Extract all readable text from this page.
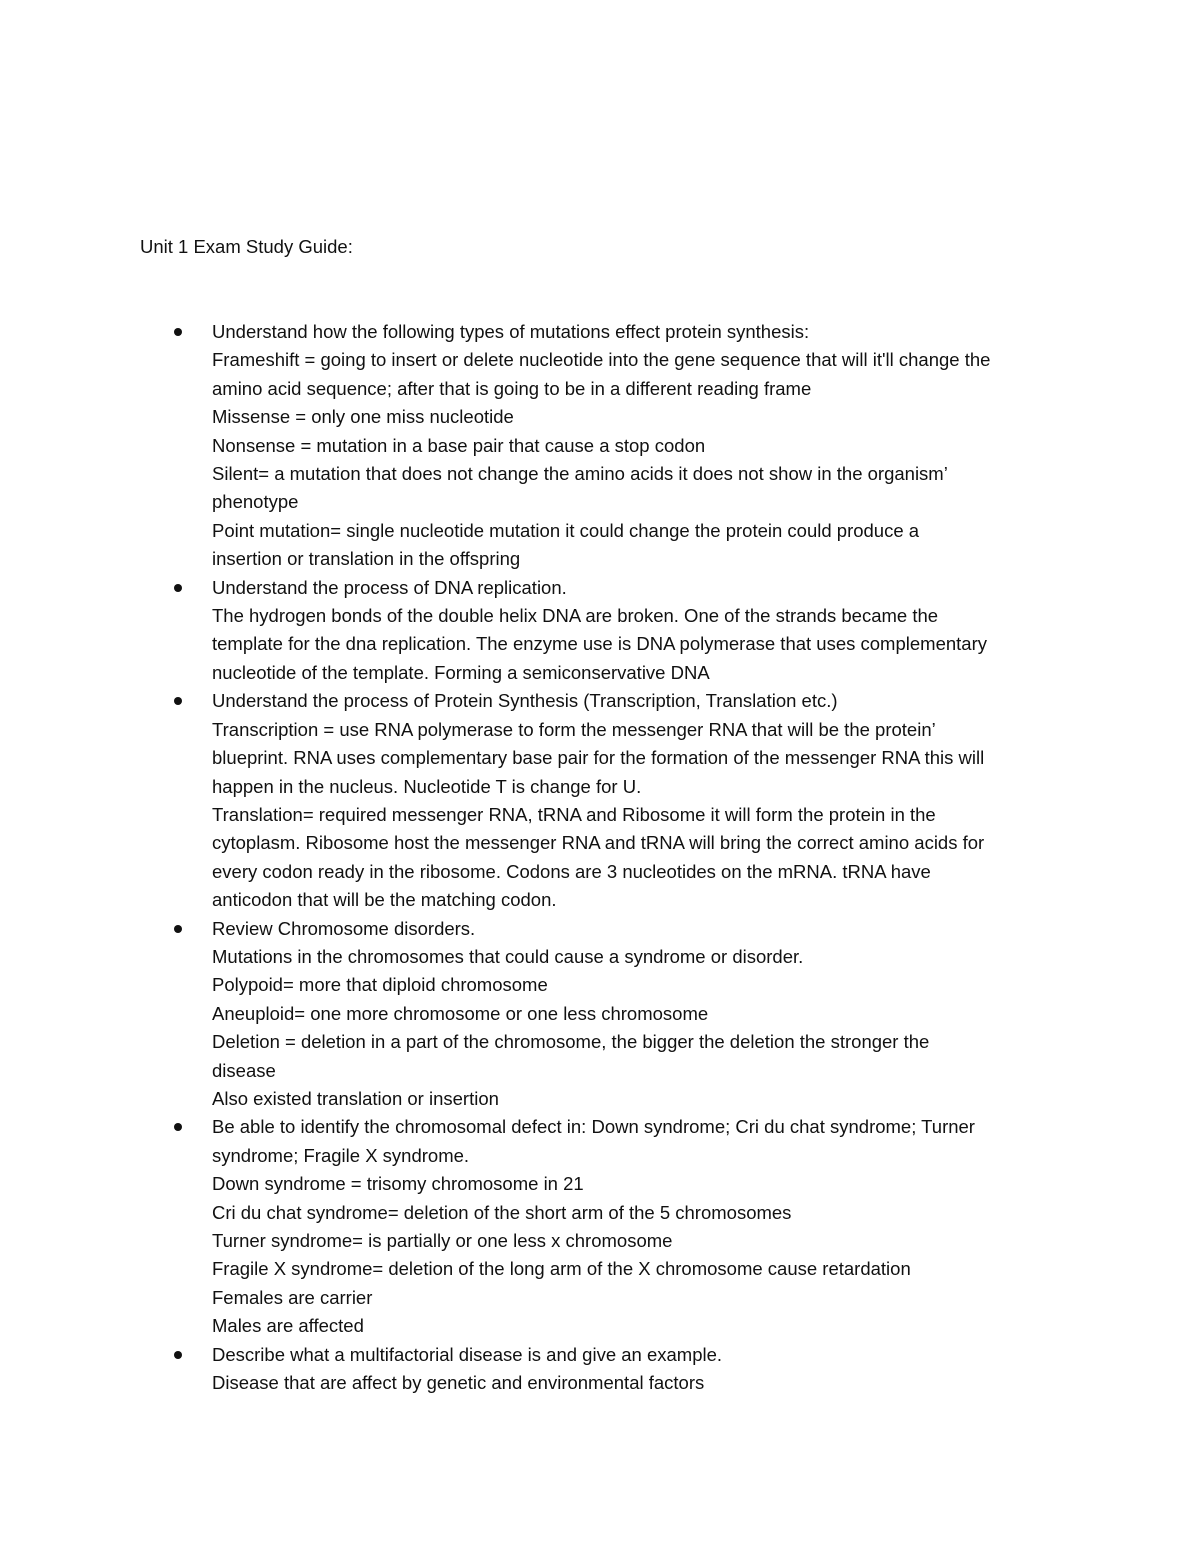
Unit 1 Exam Study Guide:
Understand how the following types of mutations effect protein synthesis:
Frameshift = going to insert or delete nucleotide into the gene sequence that will it'll change the
amino acid sequence; after that is going to be in a different reading frame
Missense = only one miss nucleotide
Nonsense = mutation in a base pair that cause a stop codon
Silent= a mutation that does not change the amino acids it does not show in the organism’
phenotype
Point mutation= single nucleotide mutation it could change the protein could produce a
insertion or translation in the offspring
Understand the process of DNA replication.
The hydrogen bonds of the double helix DNA are broken. One of the strands became the
template for the dna replication. The enzyme use is DNA polymerase that uses complementary
nucleotide of the template. Forming a semiconservative DNA
Understand the process of Protein Synthesis (Transcription, Translation etc.)
Transcription = use RNA polymerase to form the messenger RNA that will be the protein’
blueprint. RNA uses complementary base pair for the formation of the messenger RNA this will
happen in the nucleus. Nucleotide T is change for U.
Translation= required messenger RNA, tRNA and Ribosome it will form the protein in the
cytoplasm. Ribosome host the messenger RNA and tRNA will bring the correct amino acids for
every codon ready in the ribosome. Codons are 3 nucleotides on the mRNA. tRNA have
anticodon that will be the matching codon.
Review Chromosome disorders.
Mutations in the chromosomes that could cause a syndrome or disorder.
Polypoid= more that diploid chromosome
Aneuploid= one more chromosome or one less chromosome
Deletion = deletion in a part of the chromosome, the bigger the deletion the stronger the
disease
Also existed translation or insertion
Be able to identify the chromosomal defect in: Down syndrome; Cri du chat syndrome; Turner
syndrome; Fragile X syndrome.
Down syndrome = trisomy chromosome in 21
Cri du chat syndrome= deletion of the short arm of the 5 chromosomes
Turner syndrome= is partially or one less x chromosome
Fragile X syndrome= deletion of the long arm of the X chromosome cause retardation
Females are carrier
Males are affected
Describe what a multifactorial disease is and give an example.
Disease that are affect by genetic and environmental factors
